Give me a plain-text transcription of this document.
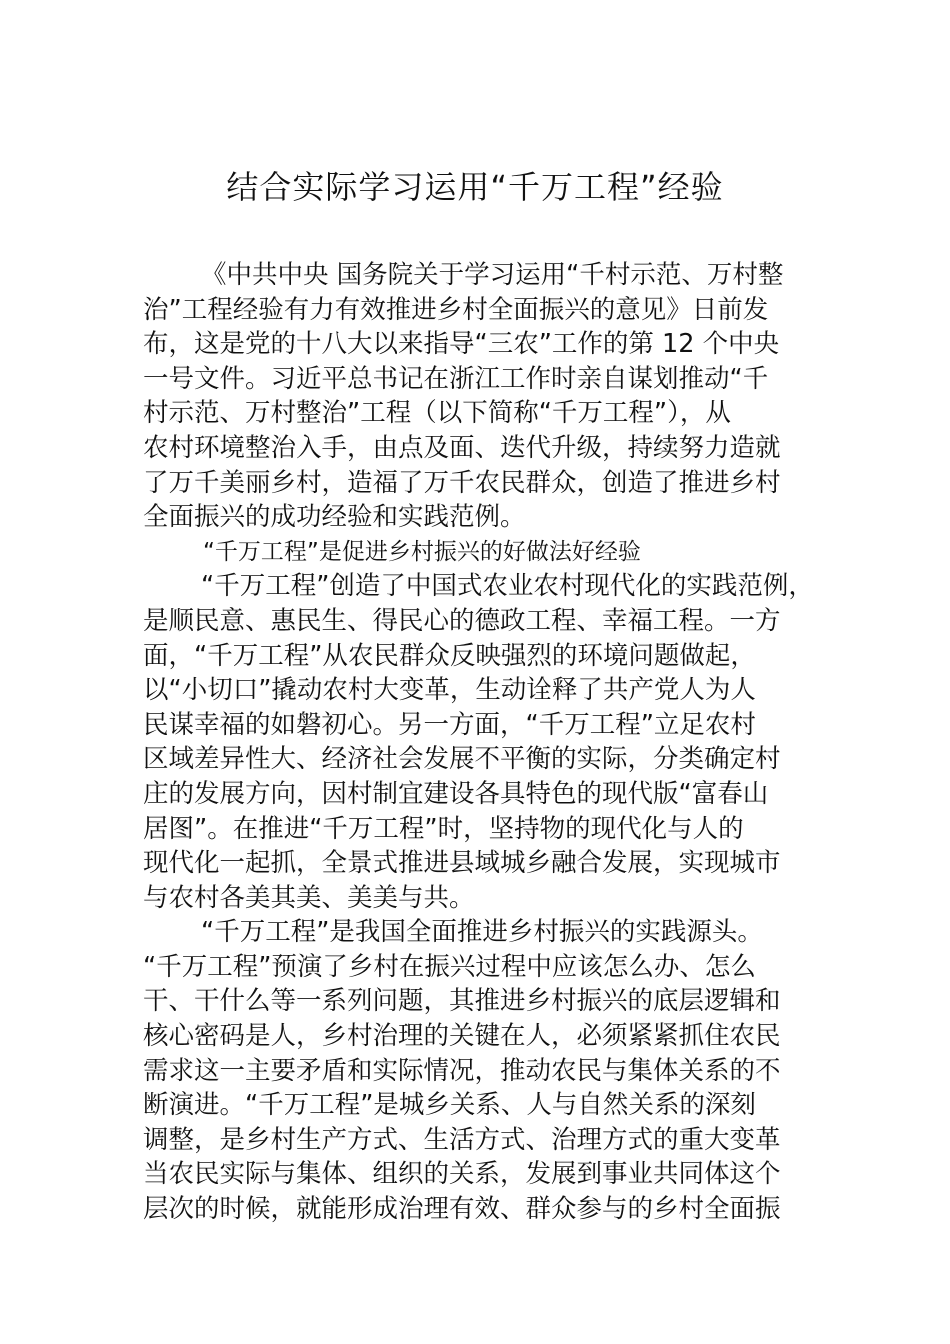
结合实际学习运用“千万工程”经验
《中共中央 国务院关于学习运用“千村示范、万村整
治”工程经验有力有效推进乡村全面振兴的意见》日前发
布，这是党的十八大以来指导“三农”工作的第 12 个中央
一号文件。习近平总书记在浙江工作时亲自谋划推动“千
村示范、万村整治”工程（以下简称“千万工程”），从
农村环境整治入手，由点及面、迭代升级，持续努力造就
了万千美丽乡村，造福了万千农民群众，创造了推进乡村
全面振兴的成功经验和实践范例。
“千万工程”是促进乡村振兴的好做法好经验
“千万工程”创造了中国式农业农村现代化的实践范例，
是顺民意、惠民生、得民心的德政工程、幸福工程。一方
面，“千万工程”从农民群众反映强烈的环境问题做起，
以“小切口”撬动农村大变革，生动诠释了共产党人为人
民谋幸福的如磐初心。另一方面，“千万工程”立足农村
区域差异性大、经济社会发展不平衡的实际，分类确定村
庄的发展方向，因村制宜建设各具特色的现代版“富春山
居图”。在推进“千万工程”时，坚持物的现代化与人的
现代化一起抓，全景式推进县域城乡融合发展，实现城市
与农村各美其美、美美与共。
“千万工程”是我国全面推进乡村振兴的实践源头。
“千万工程”预演了乡村在振兴过程中应该怎么办、怎么
干、干什么等一系列问题，其推进乡村振兴的底层逻辑和
核心密码是人，乡村治理的关键在人，必须紧紧抓住农民
需求这一主要矛盾和实际情况，推动农民与集体关系的不
断演进。“千万工程”是城乡关系、人与自然关系的深刻
调整，是乡村生产方式、生活方式、治理方式的重大变革
当农民实际与集体、组织的关系，发展到事业共同体这个
层次的时候，就能形成治理有效、群众参与的乡村全面振
